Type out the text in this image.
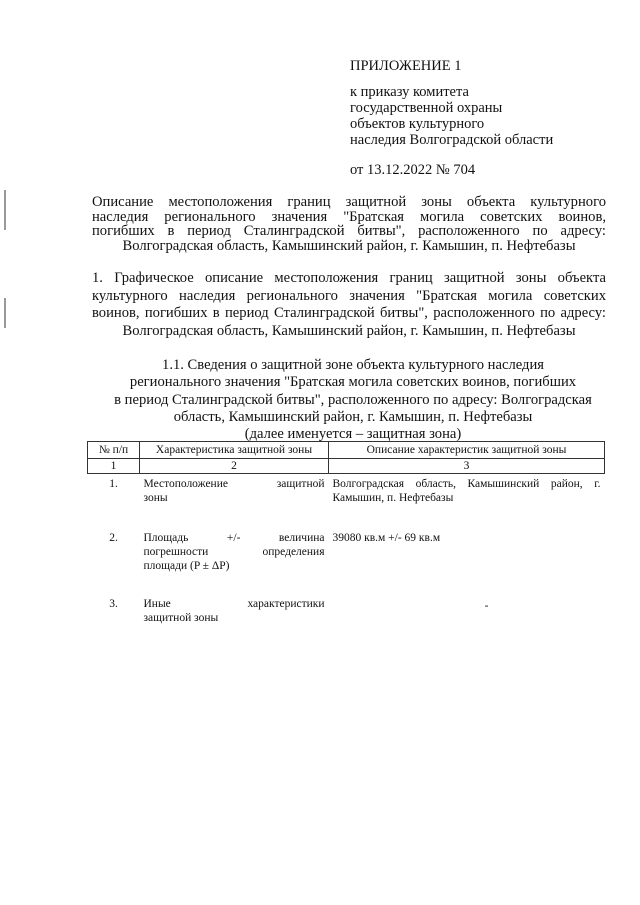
ПРИЛОЖЕНИЕ 1
к приказу комитета
государственной охраны
объектов культурного
наследия Волгоградской области
от 13.12.2022 № 704
Описание местоположения границ защитной зоны объекта культурного
наследия регионального значения "Братская могила советских воинов,
погибших в период Сталинградской битвы", расположенного по адресу:
Волгоградская область, Камышинский район, г. Камышин, п. Нефтебазы
1. Графическое описание местоположения границ защитной зоны объекта
культурного наследия регионального значения "Братская могила советских
воинов, погибших в период Сталинградской битвы", расположенного по адресу:
Волгоградская область, Камышинский район, г. Камышин, п. Нефтебазы
1.1. Сведения о защитной зоне объекта культурного наследия
регионального значения "Братская могила советских воинов, погибших
в период Сталинградской битвы", расположенного по адресу: Волгоградская
область, Камышинский район, г. Камышин, п. Нефтебазы
(далее именуется – защитная зона)
№ п/п	Характеристика защитной зоны	Описание характеристик защитной зоны
1	2	3
1.	Местоположение защитной
зоны	Волгоградская область, Камышинский район, г. Камышин, п. Нефтебазы
2.	Площадь +/- величина
погрешности определения
площади (P ± ΔP)	39080 кв.м +/- 69 кв.м
3.	Иные характеристики
защитной зоны	-
